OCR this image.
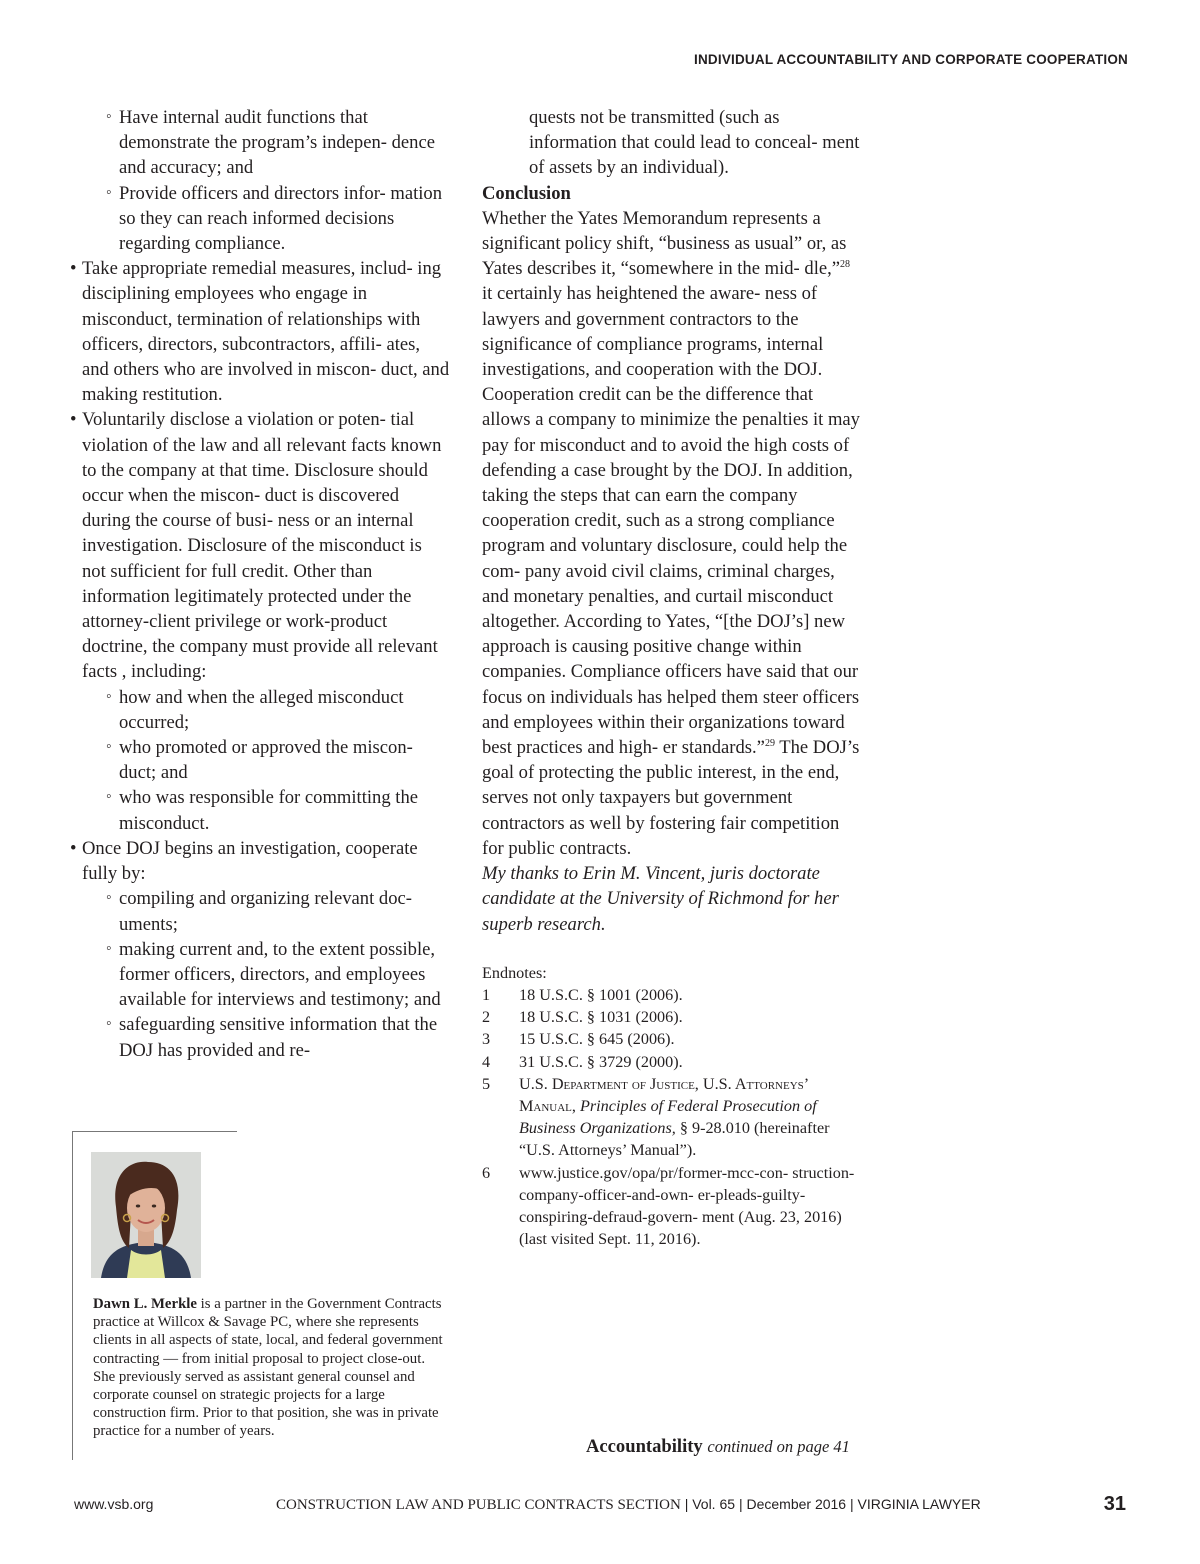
INDIVIDUAL ACCOUNTABILITY AND CORPORATE COOPERATION
◦ Have internal audit functions that demonstrate the program’s indepen- dence and accuracy; and
◦ Provide officers and directors infor- mation so they can reach informed decisions regarding compliance.
• Take appropriate remedial measures, includ- ing disciplining employees who engage in misconduct, termination of relationships with officers, directors, subcontractors, affili- ates, and others who are involved in miscon- duct, and making restitution.
• Voluntarily disclose a violation or poten- tial violation of the law and all relevant facts known to the company at that time. Disclosure should occur when the miscon- duct is discovered during the course of busi- ness or an internal investigation. Disclosure of the misconduct is not sufficient for full credit. Other than information legitimately protected under the attorney-client privilege or work-product doctrine, the company must provide all relevant facts , including:
◦ how and when the alleged misconduct occurred;
◦ who promoted or approved the miscon- duct; and
◦ who was responsible for committing the misconduct.
• Once DOJ begins an investigation, cooperate fully by:
◦ compiling and organizing relevant doc- uments;
◦ making current and, to the extent possible, former officers, directors, and employees available for interviews and testimony; and
◦ safeguarding sensitive information that the DOJ has provided and re-

quests not be transmitted (such as information that could lead to conceal- ment of assets by an individual).

Conclusion

Whether the Yates Memorandum represents a significant policy shift, “business as usual” or, as Yates describes it, “somewhere in the mid- dle,”$^{28}$ it certainly has heightened the aware- ness of lawyers and government contractors to the significance of compliance programs, internal investigations, and cooperation with the DOJ. Cooperation credit can be the difference that allows a company to minimize the penalties it may pay for misconduct and to avoid the high costs of defending a case brought by the DOJ. In addition, taking the steps that can earn the company cooperation credit, such as a strong compliance program and voluntary disclosure, could help the com- pany avoid civil claims, criminal charges, and monetary penalties, and curtail misconduct altogether. According to Yates, “[the DOJ’s] new approach is causing positive change within companies. Compliance officers have said that our focus on individuals has helped them steer officers and employees within their organizations toward best practices and high- er standards.”$^{29}$ The DOJ’s goal of protecting the public interest, in the end, serves not only taxpayers but government contractors as well by fostering fair competition for public contracts.

My thanks to Erin M. Vincent, juris doctorate candidate at the University of Richmond for her superb research.

Endnotes:
1 18 U.S.C. § 1001 (2006).
2 18 U.S.C. § 1031 (2006).
3 15 U.S.C. § 645 (2006).
4 31 U.S.C. § 3729 (2000).
5 U.S. Department of Justice, U.S. Attorneys’ Manual, Principles of Federal Prosecution of Business Organizations, § 9-28.010 (hereinafter “U.S. Attorneys’ Manual”).
6 www.justice.gov/opa/pr/former-mcc-con- struction-company-officer-and-own- er-pleads-guilty-conspiring-defraud-govern- ment (Aug. 23, 2016) (last visited Sept. 11, 2016).
Accountability continued on page 41
Dawn L. Merkle is a partner in the Government Contracts practice at Willcox & Savage PC, where she represents clients in all aspects of state, local, and federal government contracting — from initial proposal to project close-out. She previously served as assistant general counsel and corporate counsel on strategic projects for a large construction firm. Prior to that position, she was in private practice for a number of years.
www.vsb.org	CONSTRUCTION LAW AND PUBLIC CONTRACTS SECTION | Vol. 65 | December 2016 | VIRGINIA LAWYER	31
